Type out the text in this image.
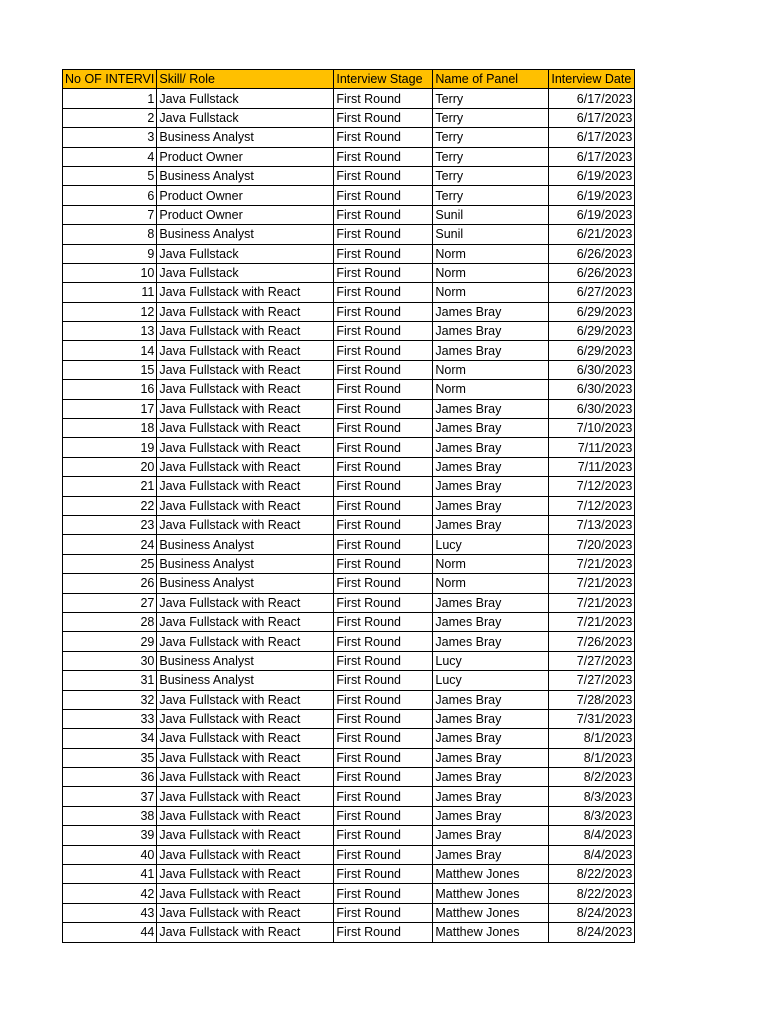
No OF INTERVI	Skill/ Role	Interview Stage	Name of Panel	Interview Date
1	Java Fullstack	First Round	Terry	6/17/2023
2	Java Fullstack	First Round	Terry	6/17/2023
3	Business Analyst	First Round	Terry	6/17/2023
4	Product Owner	First Round	Terry	6/17/2023
5	Business Analyst	First Round	Terry	6/19/2023
6	Product Owner	First Round	Terry	6/19/2023
7	Product Owner	First Round	Sunil	6/19/2023
8	Business Analyst	First Round	Sunil	6/21/2023
9	Java Fullstack	First Round	Norm	6/26/2023
10	Java Fullstack	First Round	Norm	6/26/2023
11	Java Fullstack with React	First Round	Norm	6/27/2023
12	Java Fullstack with React	First Round	James Bray	6/29/2023
13	Java Fullstack with React	First Round	James Bray	6/29/2023
14	Java Fullstack with React	First Round	James Bray	6/29/2023
15	Java Fullstack with React	First Round	Norm	6/30/2023
16	Java Fullstack with React	First Round	Norm	6/30/2023
17	Java Fullstack with React	First Round	James Bray	6/30/2023
18	Java Fullstack with React	First Round	James Bray	7/10/2023
19	Java Fullstack with React	First Round	James Bray	7/11/2023
20	Java Fullstack with React	First Round	James Bray	7/11/2023
21	Java Fullstack with React	First Round	James Bray	7/12/2023
22	Java Fullstack with React	First Round	James Bray	7/12/2023
23	Java Fullstack with React	First Round	James Bray	7/13/2023
24	Business Analyst	First Round	Lucy	7/20/2023
25	Business Analyst	First Round	Norm	7/21/2023
26	Business Analyst	First Round	Norm	7/21/2023
27	Java Fullstack with React	First Round	James Bray	7/21/2023
28	Java Fullstack with React	First Round	James Bray	7/21/2023
29	Java Fullstack with React	First Round	James Bray	7/26/2023
30	Business Analyst	First Round	Lucy	7/27/2023
31	Business Analyst	First Round	Lucy	7/27/2023
32	Java Fullstack with React	First Round	James Bray	7/28/2023
33	Java Fullstack with React	First Round	James Bray	7/31/2023
34	Java Fullstack with React	First Round	James Bray	8/1/2023
35	Java Fullstack with React	First Round	James Bray	8/1/2023
36	Java Fullstack with React	First Round	James Bray	8/2/2023
37	Java Fullstack with React	First Round	James Bray	8/3/2023
38	Java Fullstack with React	First Round	James Bray	8/3/2023
39	Java Fullstack with React	First Round	James Bray	8/4/2023
40	Java Fullstack with React	First Round	James Bray	8/4/2023
41	Java Fullstack with React	First Round	Matthew Jones	8/22/2023
42	Java Fullstack with React	First Round	Matthew Jones	8/22/2023
43	Java Fullstack with React	First Round	Matthew Jones	8/24/2023
44	Java Fullstack with React	First Round	Matthew Jones	8/24/2023
